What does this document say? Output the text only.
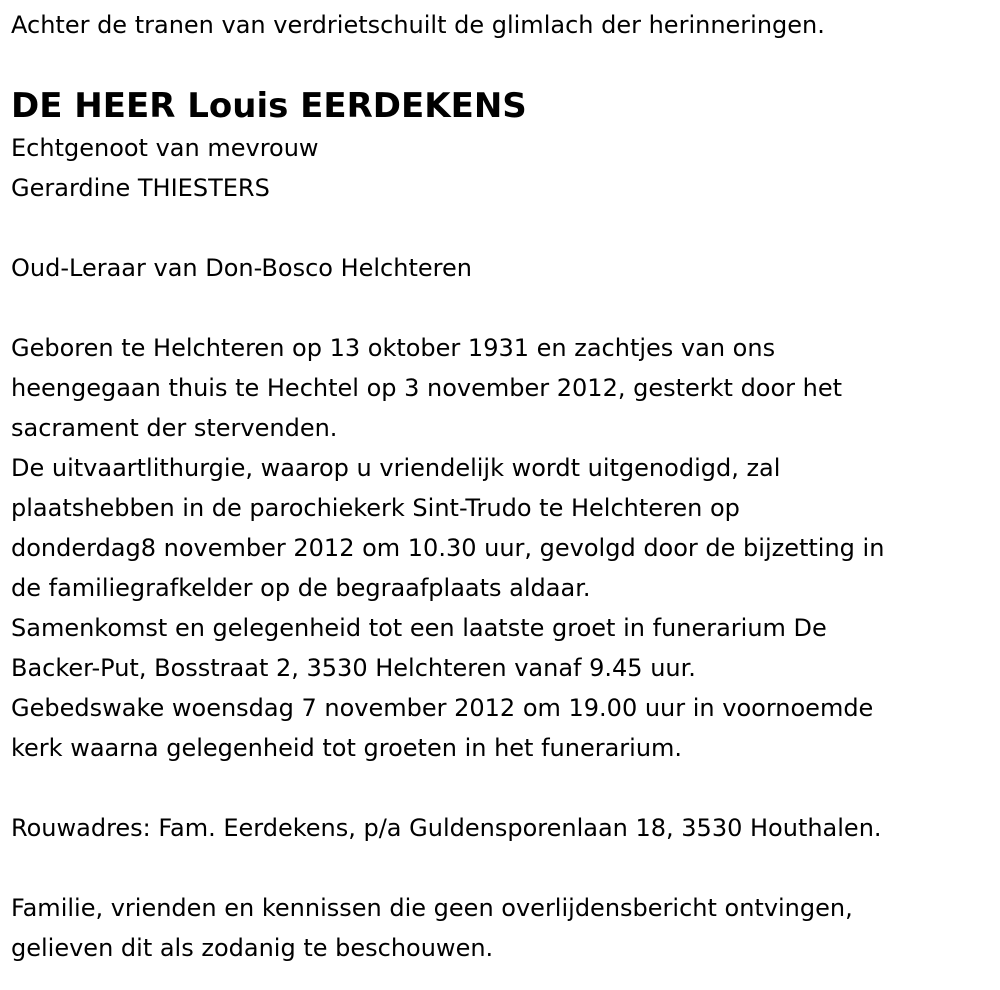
Achter de tranen van verdrietschuilt de glimlach der herinneringen.

DE HEER Louis EERDEKENS

Echtgenoot van mevrouw

Gerardine THIESTERS

Oud-Leraar van Don-Bosco Helchteren

Geboren te Helchteren op 13 oktober 1931 en zachtjes van ons

heengegaan thuis te Hechtel op 3 november 2012, gesterkt door het

sacrament der stervenden.

De uitvaartlithurgie, waarop u vriendelijk wordt uitgenodigd, zal

plaatshebben in de parochiekerk Sint-Trudo te Helchteren op

donderdag8 november 2012 om 10.30 uur, gevolgd door de bijzetting in

de familiegrafkelder op de begraafplaats aldaar.

Samenkomst en gelegenheid tot een laatste groet in funerarium De

Backer-Put, Bosstraat 2, 3530 Helchteren vanaf 9.45 uur.

Gebedswake woensdag 7 november 2012 om 19.00 uur in voornoemde

kerk waarna gelegenheid tot groeten in het funerarium.

Rouwadres: Fam. Eerdekens, p/a Guldensporenlaan 18, 3530 Houthalen.

Familie, vrienden en kennissen die geen overlijdensbericht ontvingen,

gelieven dit als zodanig te beschouwen.
